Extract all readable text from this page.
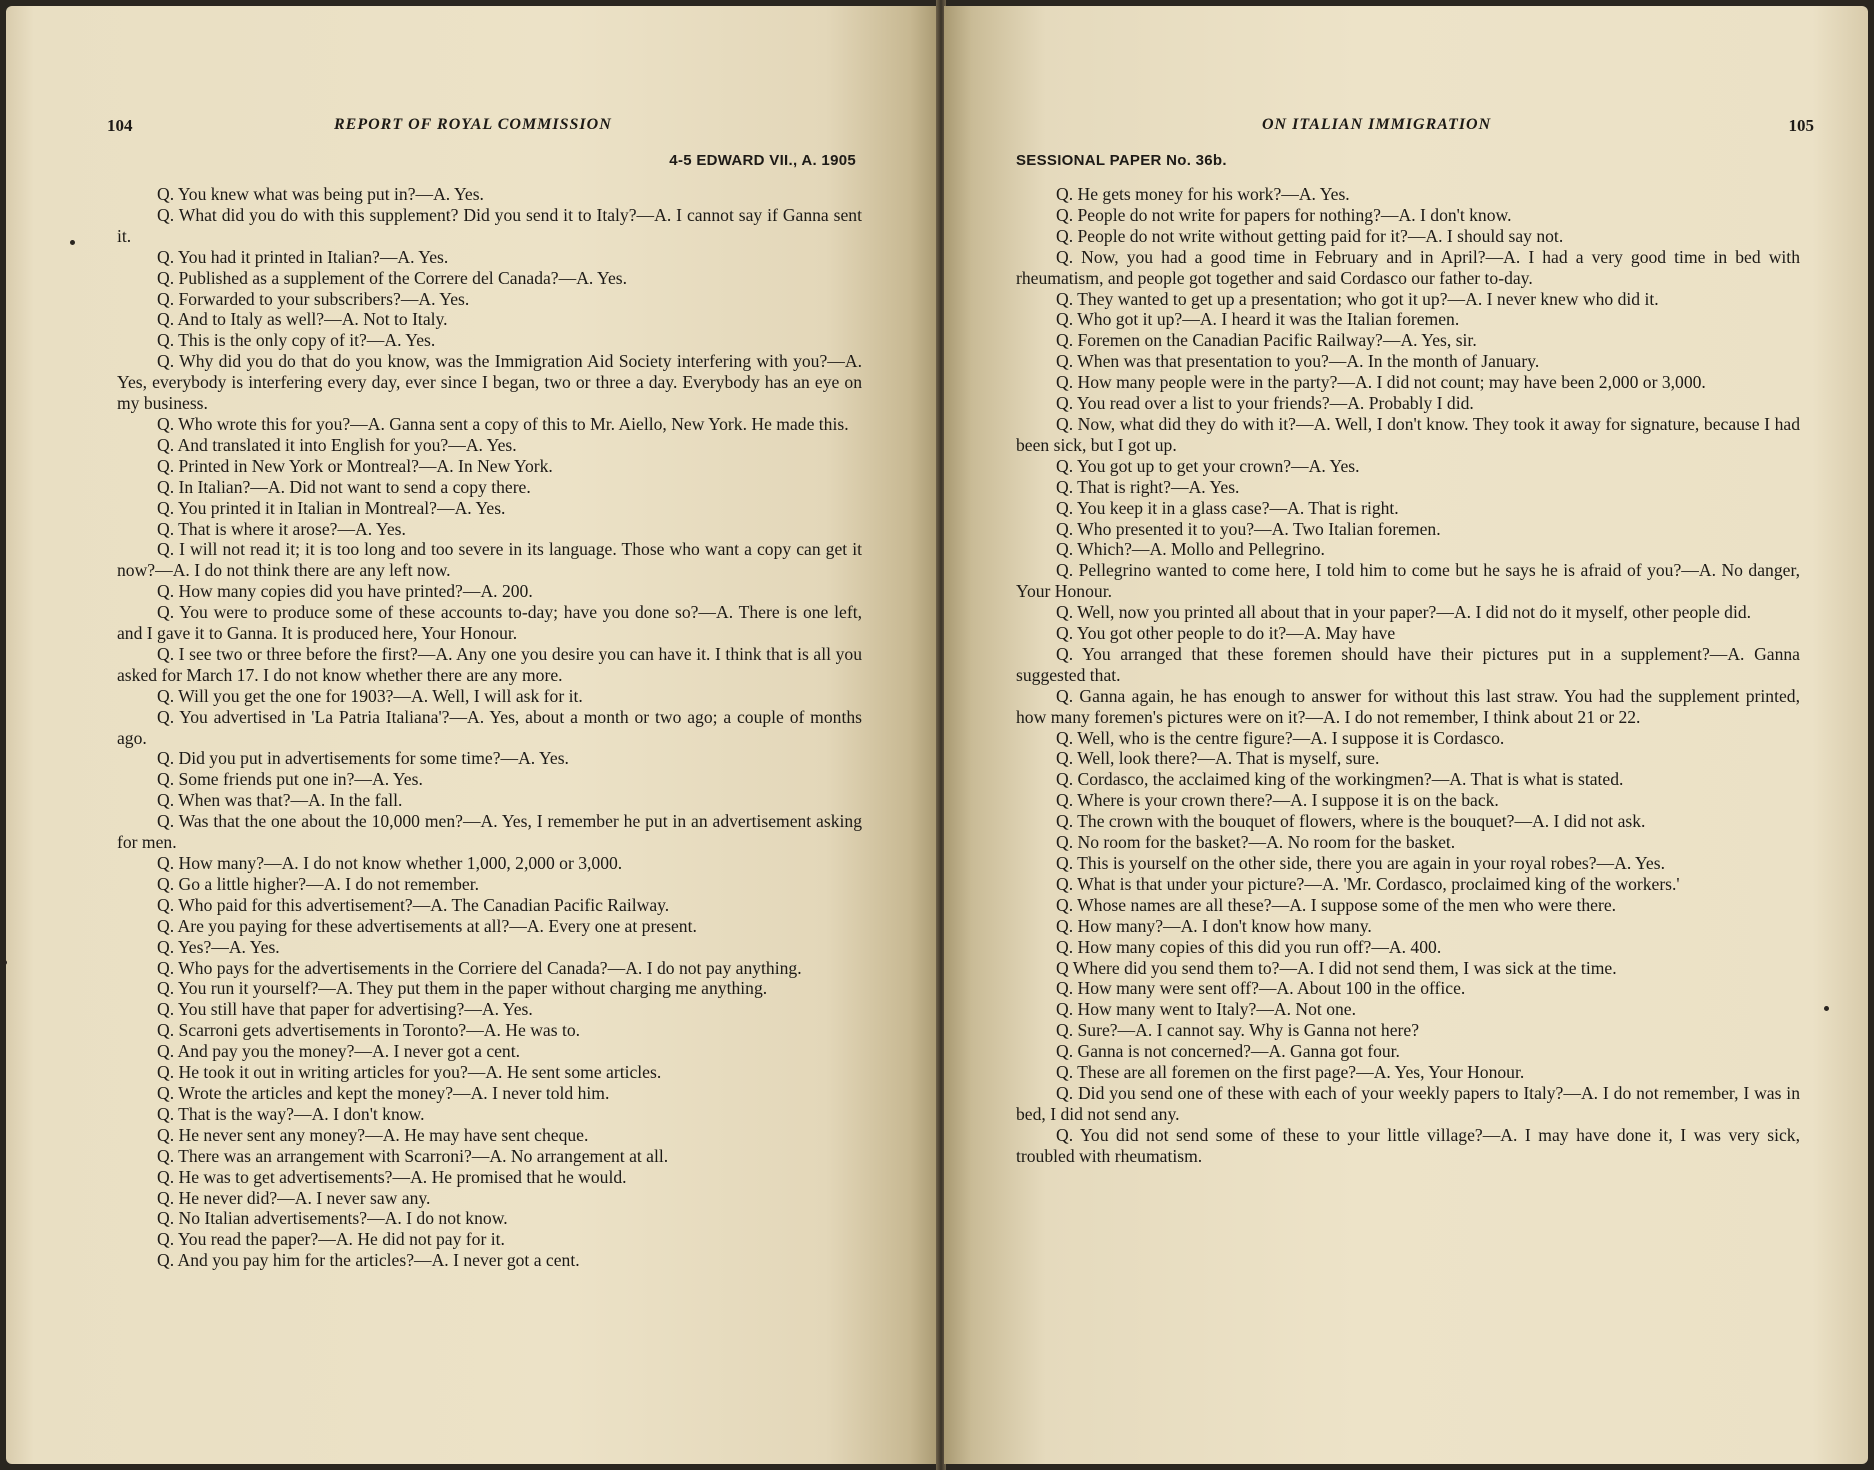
104	REPORT OF ROYAL COMMISSION
4-5 EDWARD VII., A. 1905

Q. You knew what was being put in?—A. Yes.

Q. What did you do with this supplement? Did you send it to Italy?—A. I cannot say if Ganna sent it.

Q. You had it printed in Italian?—A. Yes.

Q. Published as a supplement of the Correre del Canada?—A. Yes.

Q. Forwarded to your subscribers?—A. Yes.

Q. And to Italy as well?—A. Not to Italy.

Q. This is the only copy of it?—A. Yes.

Q. Why did you do that do you know, was the Immigration Aid Society interfering with you?—A. Yes, everybody is interfering every day, ever since I began, two or three a day. Everybody has an eye on my business.

Q. Who wrote this for you?—A. Ganna sent a copy of this to Mr. Aiello, New York. He made this.

Q. And translated it into English for you?—A. Yes.

Q. Printed in New York or Montreal?—A. In New York.

Q. In Italian?—A. Did not want to send a copy there.

Q. You printed it in Italian in Montreal?—A. Yes.

Q. That is where it arose?—A. Yes.

Q. I will not read it; it is too long and too severe in its language. Those who want a copy can get it now?—A. I do not think there are any left now.

Q. How many copies did you have printed?—A. 200.

Q. You were to produce some of these accounts to-day; have you done so?—A. There is one left, and I gave it to Ganna. It is produced here, Your Honour.

Q. I see two or three before the first?—A. Any one you desire you can have it. I think that is all you asked for March 17. I do not know whether there are any more.

Q. Will you get the one for 1903?—A. Well, I will ask for it.

Q. You advertised in 'La Patria Italiana'?—A. Yes, about a month or two ago; a couple of months ago.

Q. Did you put in advertisements for some time?—A. Yes.

Q. Some friends put one in?—A. Yes.

Q. When was that?—A. In the fall.

Q. Was that the one about the 10,000 men?—A. Yes, I remember he put in an advertisement asking for men.

Q. How many?—A. I do not know whether 1,000, 2,000 or 3,000.

Q. Go a little higher?—A. I do not remember.

Q. Who paid for this advertisement?—A. The Canadian Pacific Railway.

Q. Are you paying for these advertisements at all?—A. Every one at present.

Q. Yes?—A. Yes.

Q. Who pays for the advertisements in the Corriere del Canada?—A. I do not pay anything.

Q. You run it yourself?—A. They put them in the paper without charging me anything.

Q. You still have that paper for advertising?—A. Yes.

Q. Scarroni gets advertisements in Toronto?—A. He was to.

Q. And pay you the money?—A. I never got a cent.

Q. He took it out in writing articles for you?—A. He sent some articles.

Q. Wrote the articles and kept the money?—A. I never told him.

Q. That is the way?—A. I don't know.

Q. He never sent any money?—A. He may have sent cheque.

Q. There was an arrangement with Scarroni?—A. No arrangement at all.

Q. He was to get advertisements?—A. He promised that he would.

Q. He never did?—A. I never saw any.

Q. No Italian advertisements?—A. I do not know.

Q. You read the paper?—A. He did not pay for it.

Q. And you pay him for the articles?—A. I never got a cent.

ON ITALIAN IMMIGRATION	105
SESSIONAL PAPER No. 36b.

Q. He gets money for his work?—A. Yes.

Q. People do not write for papers for nothing?—A. I don't know.

Q. People do not write without getting paid for it?—A. I should say not.

Q. Now, you had a good time in February and in April?—A. I had a very good time in bed with rheumatism, and people got together and said Cordasco our father to-day.

Q. They wanted to get up a presentation; who got it up?—A. I never knew who did it.

Q. Who got it up?—A. I heard it was the Italian foremen.

Q. Foremen on the Canadian Pacific Railway?—A. Yes, sir.

Q. When was that presentation to you?—A. In the month of January.

Q. How many people were in the party?—A. I did not count; may have been 2,000 or 3,000.

Q. You read over a list to your friends?—A. Probably I did.

Q. Now, what did they do with it?—A. Well, I don't know. They took it away for signature, because I had been sick, but I got up.

Q. You got up to get your crown?—A. Yes.

Q. That is right?—A. Yes.

Q. You keep it in a glass case?—A. That is right.

Q. Who presented it to you?—A. Two Italian foremen.

Q. Which?—A. Mollo and Pellegrino.

Q. Pellegrino wanted to come here, I told him to come but he says he is afraid of you?—A. No danger, Your Honour.

Q. Well, now you printed all about that in your paper?—A. I did not do it myself, other people did.

Q. You got other people to do it?—A. May have

Q. You arranged that these foremen should have their pictures put in a supplement?—A. Ganna suggested that.

Q. Ganna again, he has enough to answer for without this last straw. You had the supplement printed, how many foremen's pictures were on it?—A. I do not remember, I think about 21 or 22.

Q. Well, who is the centre figure?—A. I suppose it is Cordasco.

Q. Well, look there?—A. That is myself, sure.

Q. Cordasco, the acclaimed king of the workingmen?—A. That is what is stated.

Q. Where is your crown there?—A. I suppose it is on the back.

Q. The crown with the bouquet of flowers, where is the bouquet?—A. I did not ask.

Q. No room for the basket?—A. No room for the basket.

Q. This is yourself on the other side, there you are again in your royal robes?—A. Yes.

Q. What is that under your picture?—A. 'Mr. Cordasco, proclaimed king of the workers.'

Q. Whose names are all these?—A. I suppose some of the men who were there.

Q. How many?—A. I don't know how many.

Q. How many copies of this did you run off?—A. 400.

Q Where did you send them to?—A. I did not send them, I was sick at the time.

Q. How many were sent off?—A. About 100 in the office.

Q. How many went to Italy?—A. Not one.

Q. Sure?—A. I cannot say. Why is Ganna not here?

Q. Ganna is not concerned?—A. Ganna got four.

Q. These are all foremen on the first page?—A. Yes, Your Honour.

Q. Did you send one of these with each of your weekly papers to Italy?—A. I do not remember, I was in bed, I did not send any.

Q. You did not send some of these to your little village?—A. I may have done it, I was very sick, troubled with rheumatism.
